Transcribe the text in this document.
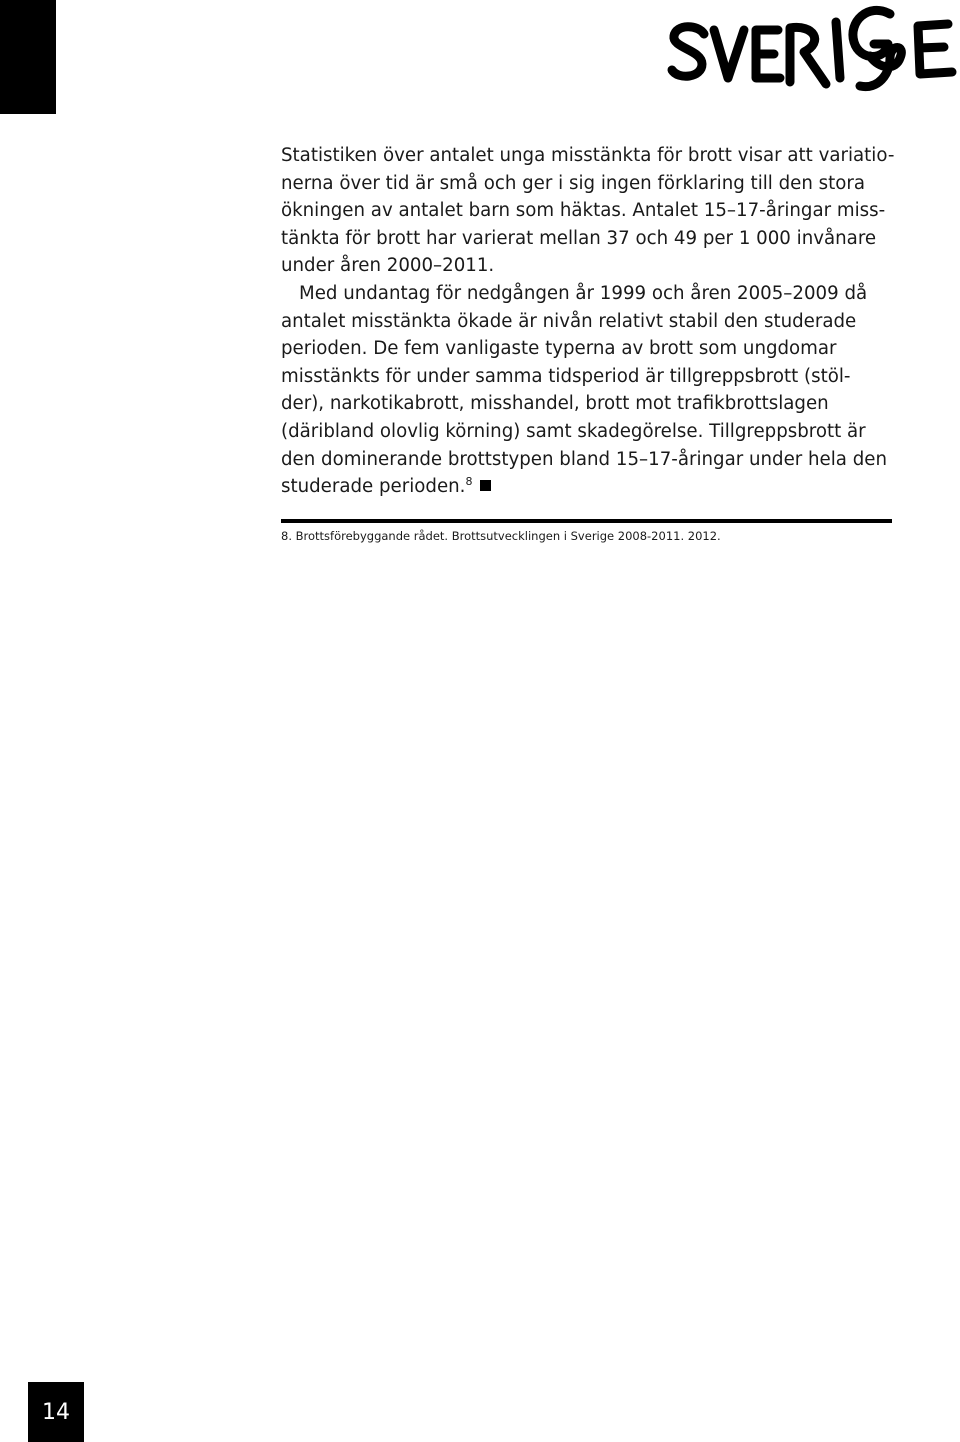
Statistiken över antalet unga misstänkta för brott visar att variatio-
nerna över tid är små och ger i sig ingen förklaring till den stora
ökningen av antalet barn som häktas. Antalet 15–17-åringar miss-
tänkta för brott har varierat mellan 37 och 49 per 1 000 invånare
under åren 2000–2011.
Med undantag för nedgången år 1999 och åren 2005–2009 då
antalet misstänkta ökade är nivån relativt stabil den studerade
perioden. De fem vanligaste typerna av brott som ungdomar
misstänkts för under samma tidsperiod är tillgreppsbrott (stöl-
der), narkotikabrott, misshandel, brott mot trafikbrottslagen
(däribland olovlig körning) samt skadegörelse. Tillgreppsbrott är
den dominerande brottstypen bland 15–17-åringar under hela den
studerade perioden.$^8$
8. Brottsförebyggande rådet. Brottsutvecklingen i Sverige 2008-2011. 2012.
14
